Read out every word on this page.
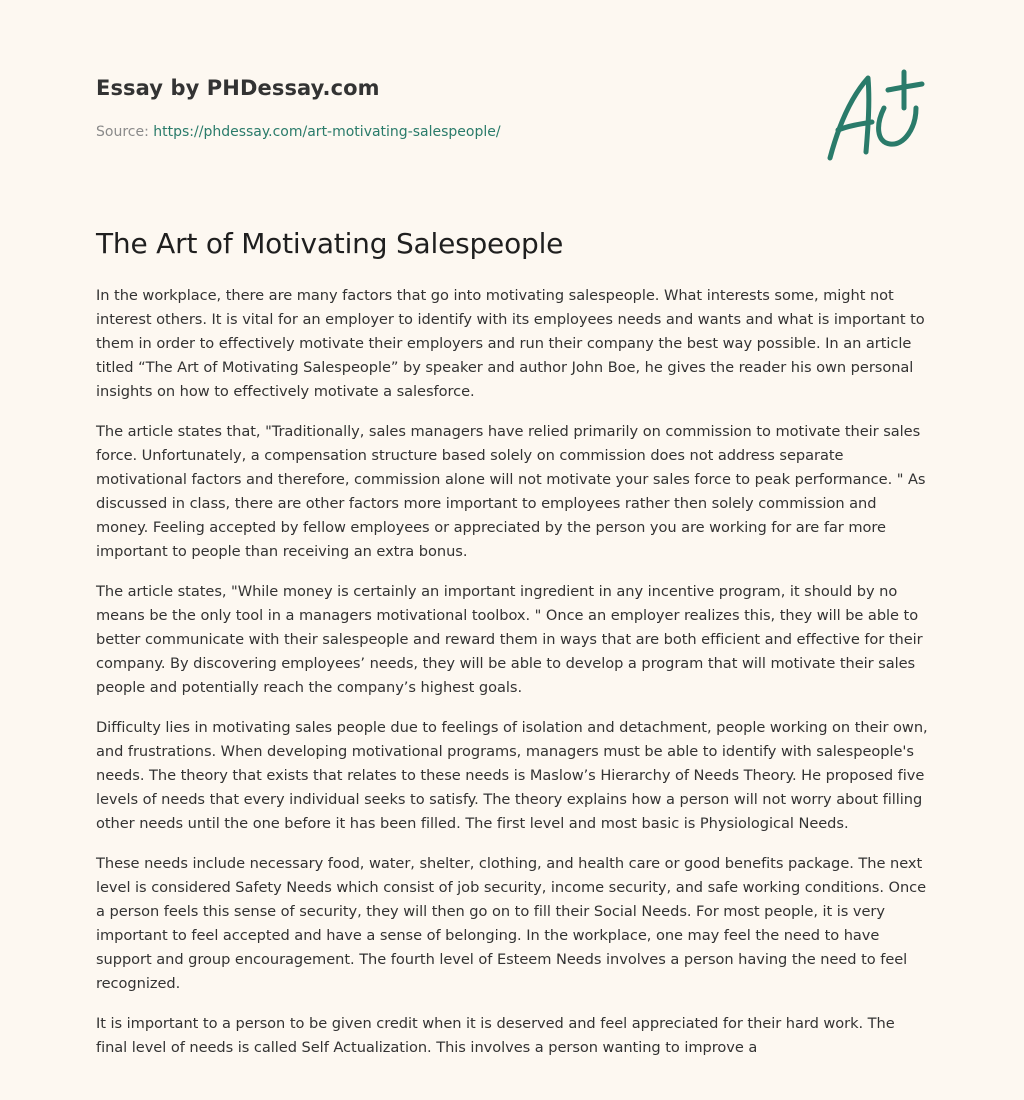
Essay by PHDessay.com
Source: https://phdessay.com/art-motivating-salespeople/
The Art of Motivating Salespeople

In the workplace, there are many factors that go into motivating salespeople. What interests some, might not interest others. It is vital for an employer to identify with its employees needs and wants and what is important to them in order to effectively motivate their employers and run their company the best way possible. In an article titled “The Art of Motivating Salespeople” by speaker and author John Boe, he gives the reader his own personal insights on how to effectively motivate a salesforce.

The article states that, "Traditionally, sales managers have relied primarily on commission to motivate their sales force. Unfortunately, a compensation structure based solely on commission does not address separate motivational factors and therefore, commission alone will not motivate your sales force to peak performance. " As discussed in class, there are other factors more important to employees rather then solely commission and money. Feeling accepted by fellow employees or appreciated by the person you are working for are far more important to people than receiving an extra bonus.

The article states, "While money is certainly an important ingredient in any incentive program, it should by no means be the only tool in a managers motivational toolbox. " Once an employer realizes this, they will be able to better communicate with their salespeople and reward them in ways that are both efficient and effective for their company. By discovering employees’ needs, they will be able to develop a program that will motivate their sales people and potentially reach the company’s highest goals.

Difficulty lies in motivating sales people due to feelings of isolation and detachment, people working on their own, and frustrations. When developing motivational programs, managers must be able to identify with salespeople's needs. The theory that exists that relates to these needs is Maslow’s Hierarchy of Needs Theory. He proposed five levels of needs that every individual seeks to satisfy. The theory explains how a person will not worry about filling other needs until the one before it has been filled. The first level and most basic is Physiological Needs.

These needs include necessary food, water, shelter, clothing, and health care or good benefits package. The next level is considered Safety Needs which consist of job security, income security, and safe working conditions. Once a person feels this sense of security, they will then go on to fill their Social Needs. For most people, it is very important to feel accepted and have a sense of belonging. In the workplace, one may feel the need to have support and group encouragement. The fourth level of Esteem Needs involves a person having the need to feel recognized.

It is important to a person to be given credit when it is deserved and feel appreciated for their hard work. The final level of needs is called Self Actualization. This involves a person wanting to improve a
